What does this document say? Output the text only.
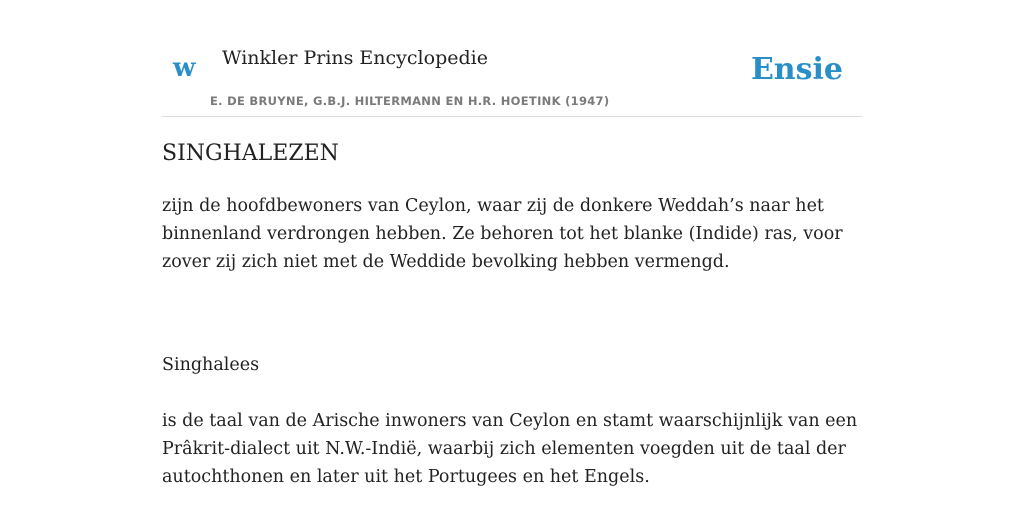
w Winkler Prins Encyclopedie
E. DE BRUYNE, G.B.J. HILTERMANN EN H.R. HOETINK (1947)
Ensie
SINGHALEZEN

zijn de hoofdbewoners van Ceylon, waar zij de donkere Weddah’s naar het binnenland verdrongen hebben. Ze behoren tot het blanke (Indide) ras, voor zover zij zich niet met de Weddide bevolking hebben vermengd.

Singhalees

is de taal van de Arische inwoners van Ceylon en stamt waarschijnlijk van een Prâkrit-dialect uit N.W.-Indië, waarbij zich elementen voegden uit de taal der autochthonen en later uit het Portugees en het Engels.
